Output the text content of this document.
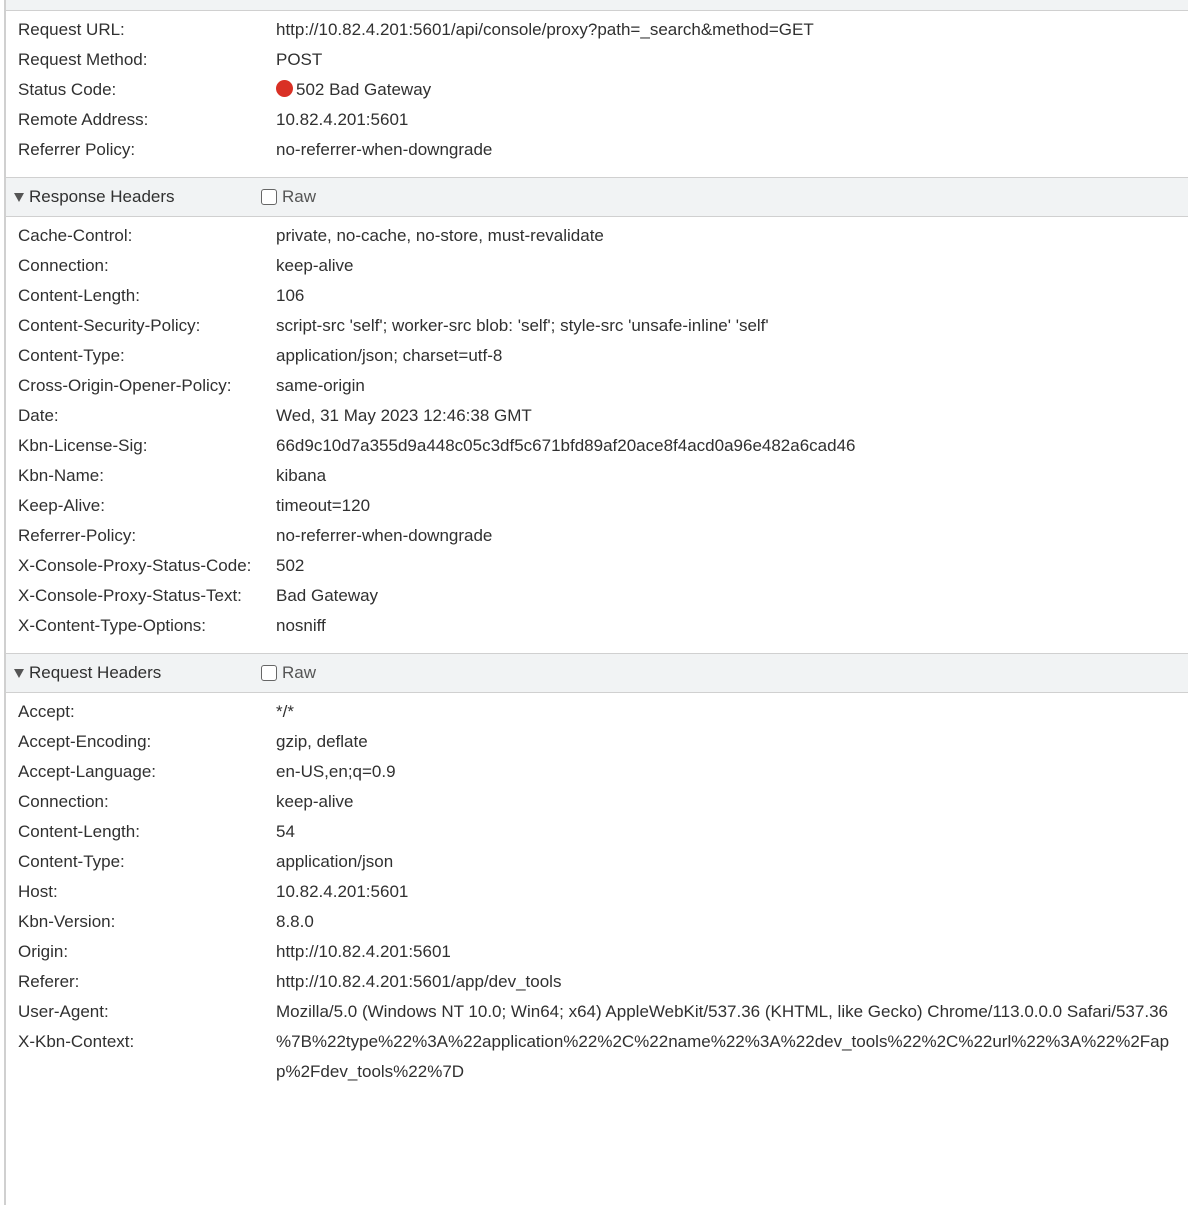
Request URL:	http://10.82.4.201:5601/api/console/proxy?path=_search&method=GET
Request Method:	POST
Status Code:	502 Bad Gateway
Remote Address:	10.82.4.201:5601
Referrer Policy:	no-referrer-when-downgrade
Response Headers	Raw
Cache-Control:	private, no-cache, no-store, must-revalidate
Connection:	keep-alive
Content-Length:	106
Content-Security-Policy:	script-src 'self'; worker-src blob: 'self'; style-src 'unsafe-inline' 'self'
Content-Type:	application/json; charset=utf-8
Cross-Origin-Opener-Policy:	same-origin
Date:	Wed, 31 May 2023 12:46:38 GMT
Kbn-License-Sig:	66d9c10d7a355d9a448c05c3df5c671bfd89af20ace8f4acd0a96e482a6cad46
Kbn-Name:	kibana
Keep-Alive:	timeout=120
Referrer-Policy:	no-referrer-when-downgrade
X-Console-Proxy-Status-Code:	502
X-Console-Proxy-Status-Text:	Bad Gateway
X-Content-Type-Options:	nosniff
Request Headers	Raw
Accept:	*/*
Accept-Encoding:	gzip, deflate
Accept-Language:	en-US,en;q=0.9
Connection:	keep-alive
Content-Length:	54
Content-Type:	application/json
Host:	10.82.4.201:5601
Kbn-Version:	8.8.0
Origin:	http://10.82.4.201:5601
Referer:	http://10.82.4.201:5601/app/dev_tools
User-Agent:	Mozilla/5.0 (Windows NT 10.0; Win64; x64) AppleWebKit/537.36 (KHTML, like Gecko) Chrome/113.0.0.0 Safari/537.36
X-Kbn-Context:	%7B%22type%22%3A%22application%22%2C%22name%22%3A%22dev_tools%22%2C%22url%22%3A%22%2Fapp%2Fdev_tools%22%7D
